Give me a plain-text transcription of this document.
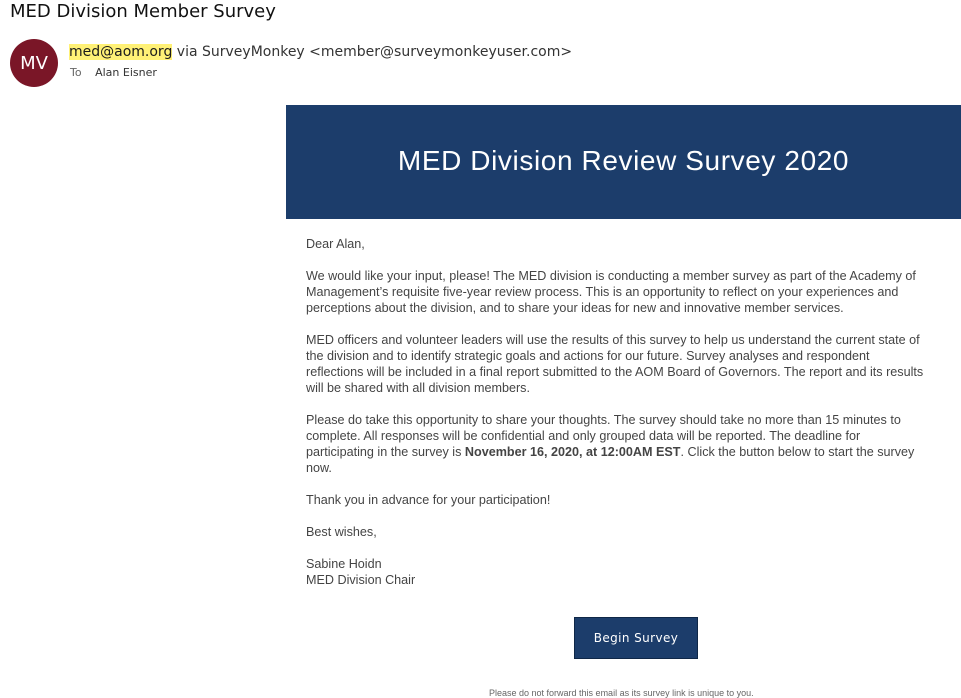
MED Division Member Survey
MV
med@aom.org via SurveyMonkey <member@surveymonkeyuser.com>
To Alan Eisner
MED Division Review Survey 2020

Dear Alan,

We would like your input, please! The MED division is conducting a member survey as part of the Academy of
Management’s requisite five-year review process. This is an opportunity to reflect on your experiences and
perceptions about the division, and to share your ideas for new and innovative member services.

MED officers and volunteer leaders will use the results of this survey to help us understand the current state of
the division and to identify strategic goals and actions for our future. Survey analyses and respondent
reflections will be included in a final report submitted to the AOM Board of Governors. The report and its results
will be shared with all division members.

Please do take this opportunity to share your thoughts. The survey should take no more than 15 minutes to
complete. All responses will be confidential and only grouped data will be reported. The deadline for
participating in the survey is November 16, 2020, at 12:00AM EST. Click the button below to start the survey
now.

Thank you in advance for your participation!

Best wishes,

Sabine Hoidn
MED Division Chair

Begin Survey
Please do not forward this email as its survey link is unique to you.
